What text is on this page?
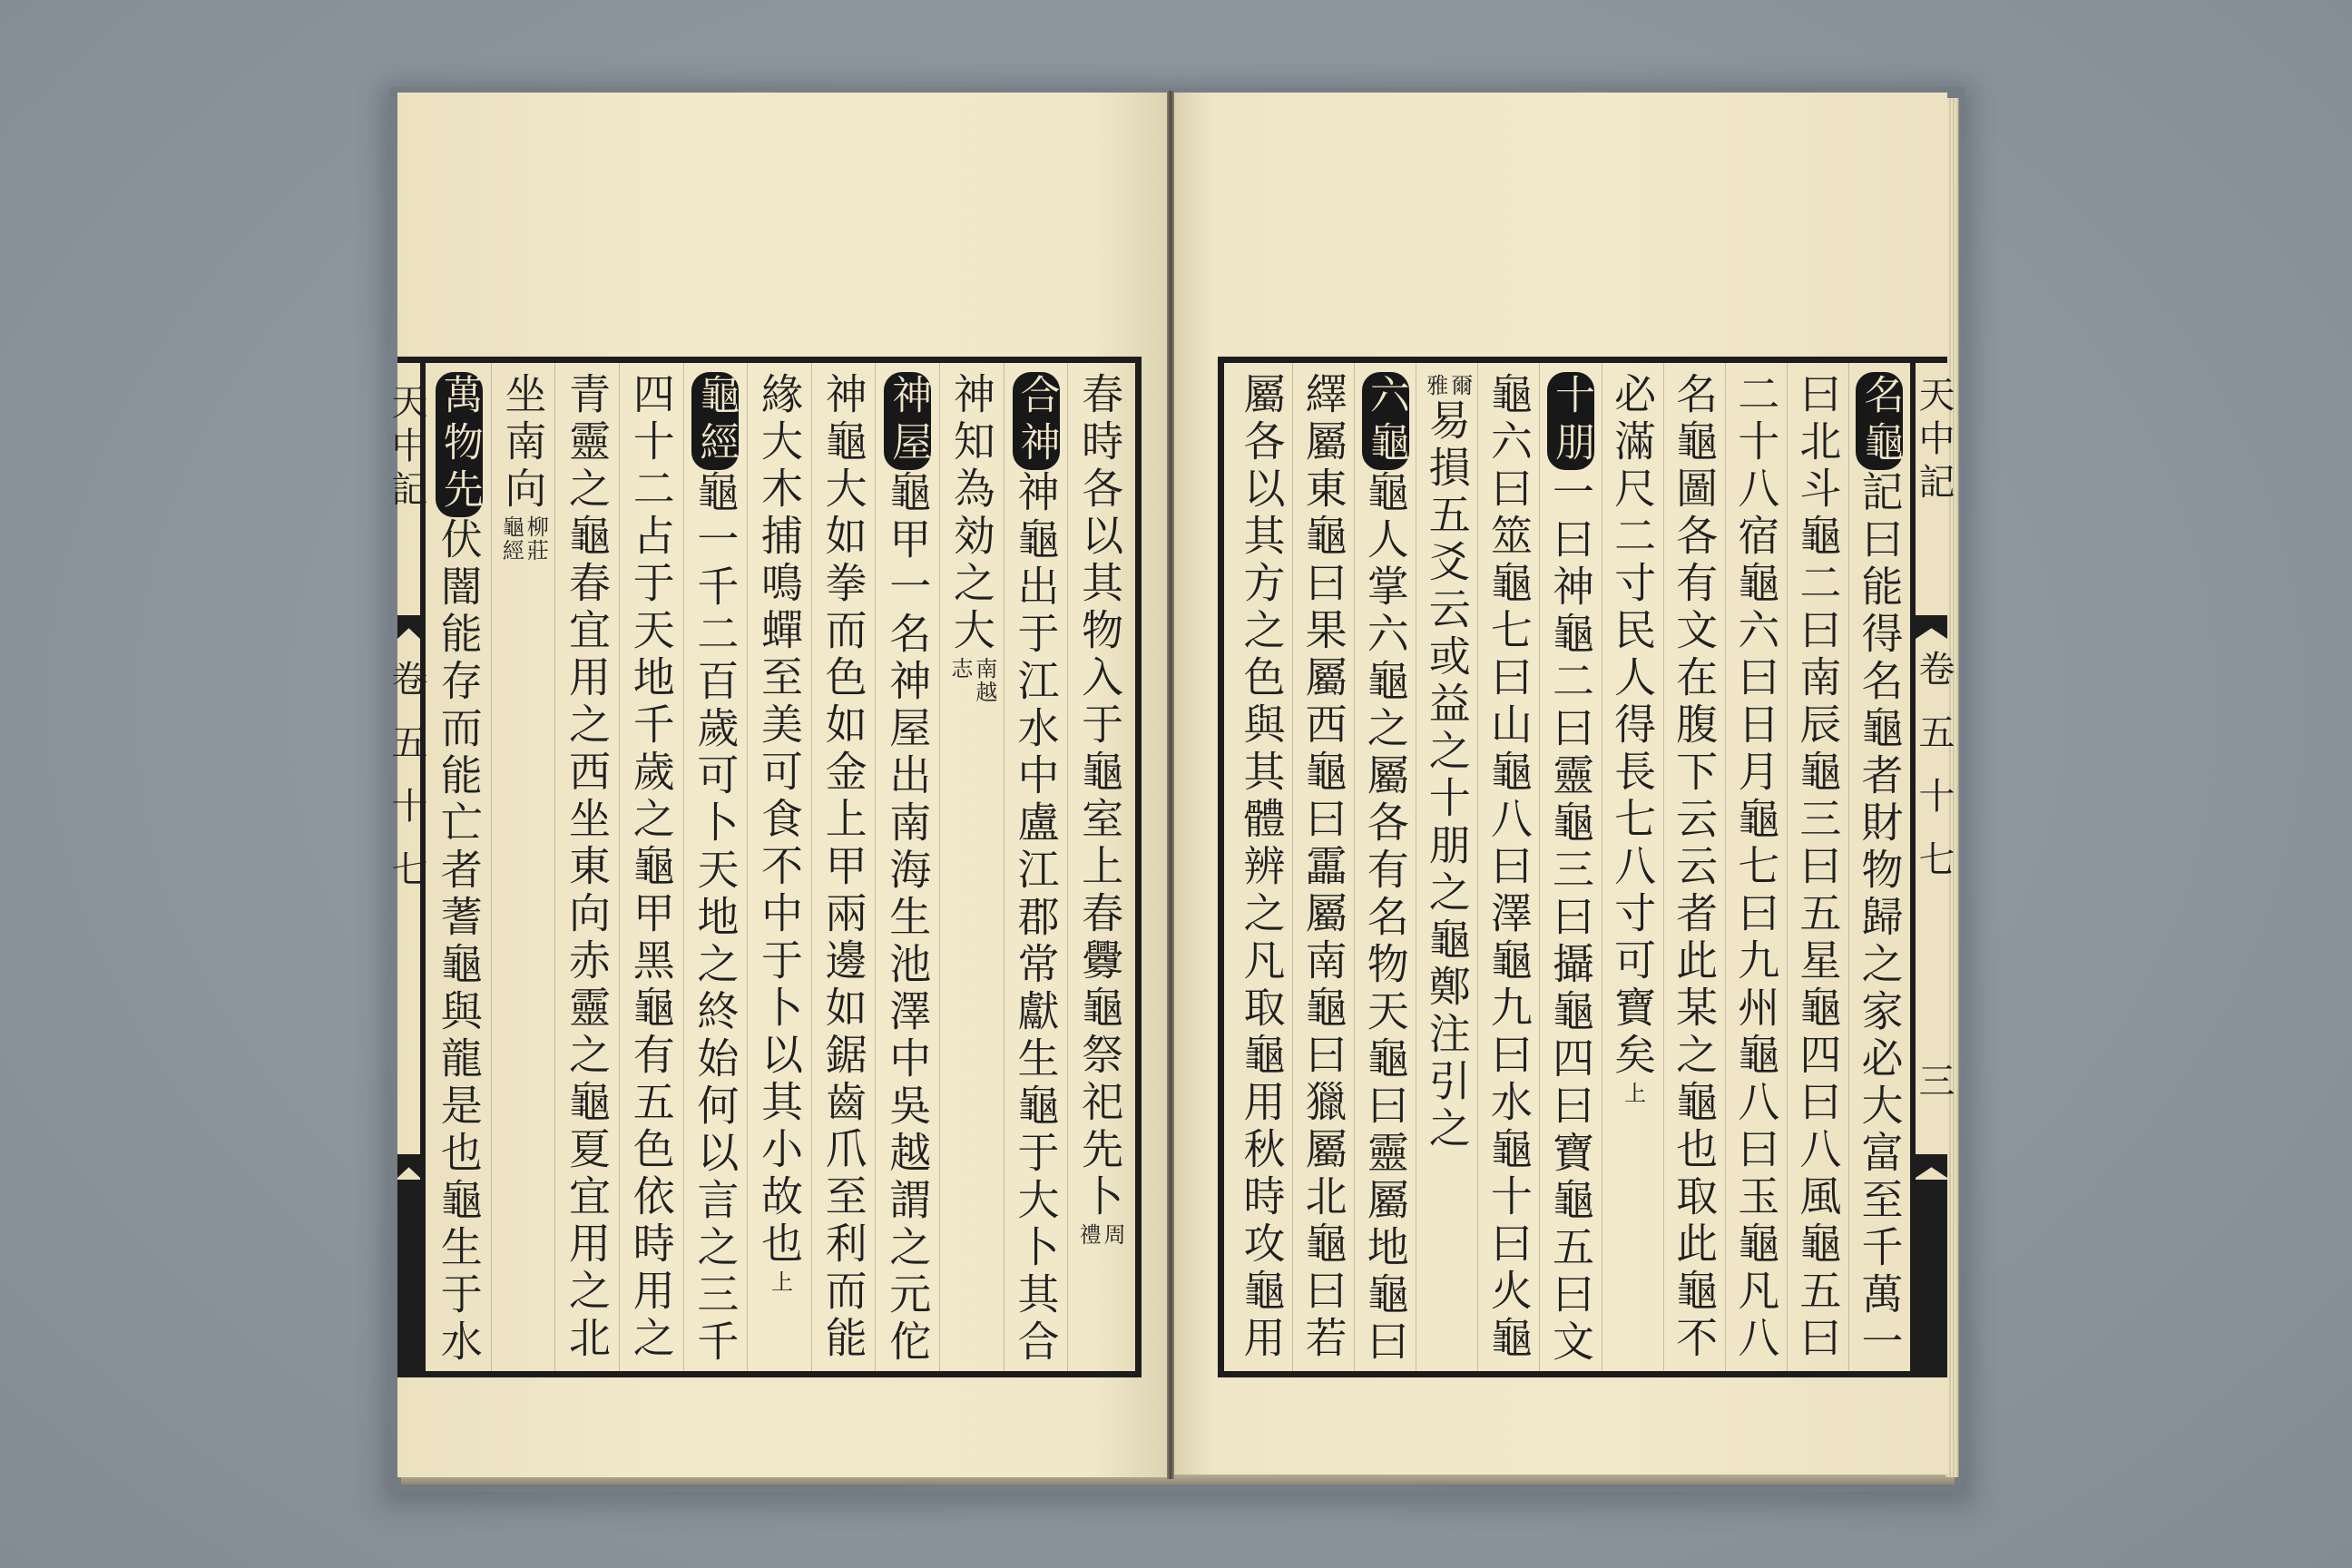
天中記
卷五十七	春時各以其物入于龜室上春釁龜祭祀先卜
周禮
合神
神龜出于江水中盧江郡常獻生龜于大卜其合
神知為効之大
南越志
神屋
龜甲一名神屋出南海生池澤中吳越謂之元佗
神龜大如拳而色如金上甲兩邊如鋸齒爪至利而能
緣大木捕鳴蟬至美可食不中于卜以其小故也
上
龜經
龜一千二百歲可卜天地之終始何以言之三千
四十二占于天地千歲之龜甲黑龜有五色依時用之
青靈之龜春宜用之西坐東向赤靈之龜夏宜用之北
坐南向
柳莊龜經
萬物先
伏闇能存而能亡者蓍龜與龍是也龜生于水
天中記
卷五十七
三
名龜
記曰能得名龜者財物歸之家必大富至千萬一
曰北斗龜二曰南辰龜三曰五星龜四曰八風龜五曰
二十八宿龜六曰日月龜七曰九州龜八曰玉龜凡八
名龜圖各有文在腹下云云者此某之龜也取此龜不
必滿尺二寸民人得長七八寸可寶矣
上
十朋
一曰神龜二曰靈龜三曰攝龜四曰寶龜五曰文
龜六曰筮龜七曰山龜八曰澤龜九曰水龜十曰火龜
爾雅
易損五爻云或益之十朋之龜鄭注引之
六龜
龜人掌六龜之屬各有名物天龜曰靈屬地龜曰
繹屬東龜曰果屬西龜曰靁屬南龜曰獵屬北龜曰若
屬各以其方之色與其體辨之凡取龜用秋時攻龜用
